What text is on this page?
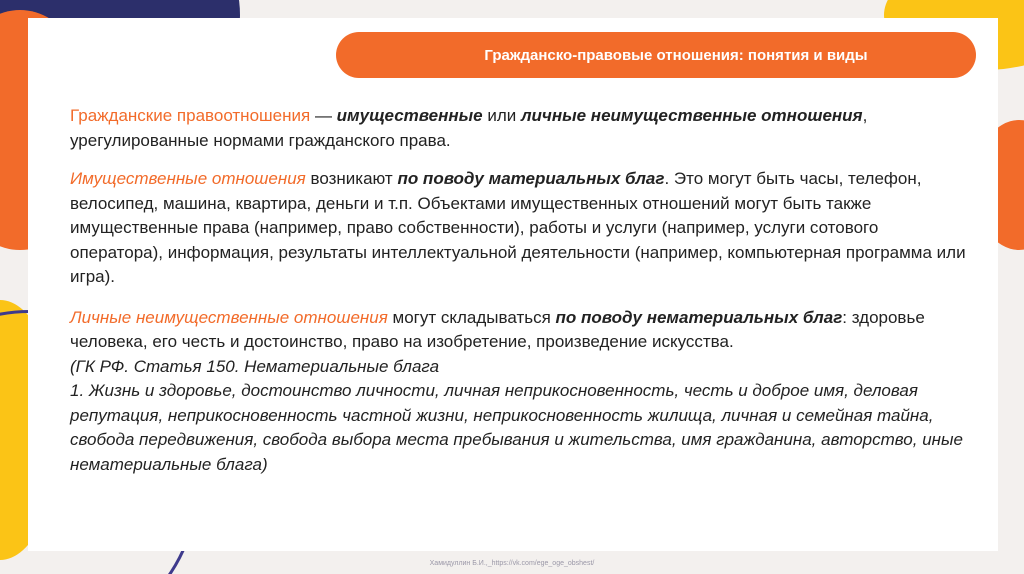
Гражданско-правовые отношения: понятия и виды

Гражданские правоотношения — имущественные или личные неимущественные отношения, урегулированные нормами гражданского права.

Имущественные отношения возникают по поводу материальных благ. Это могут быть часы, телефон, велосипед, машина, квартира, деньги и т.п. Объектами имущественных отношений могут быть также имущественные права (например, право собственности), работы и услуги (например, услуги сотового оператора), информация, результаты интеллектуальной деятельности (например, компьютерная программа или игра).

Личные неимущественные отношения могут складываться по поводу нематериальных благ: здоровье человека, его честь и достоинство, право на изобретение, произведение искусства.
(ГК РФ. Статья 150. Нематериальные блага
1. Жизнь и здоровье, достоинство личности, личная неприкосновенность, честь и доброе имя, деловая репутация, неприкосновенность частной жизни, неприкосновенность жилища, личная и семейная тайна, свобода передвижения, свобода выбора места пребывания и жительства, имя гражданина, авторство, иные нематериальные блага)

Хамидуллин Б.И.,_https://vk.com/ege_oge_obshest/
